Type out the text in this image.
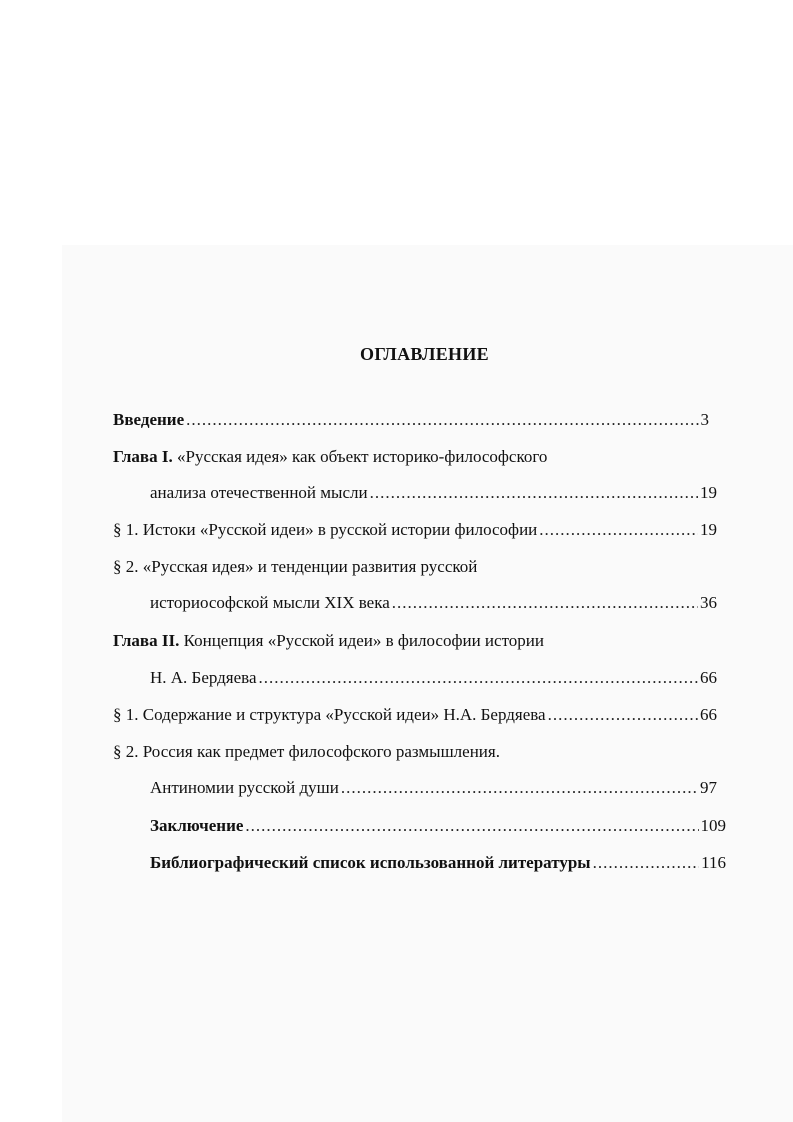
ОГЛАВЛЕНИЕ
Введение .....	3
Глава I. «Русская идея» как объект историко-философского
анализа отечественной мысли .....	19
§ 1. Истоки «Русской идеи» в русской истории философии .....	19
§ 2. «Русская идея» и тенденции развития русской
историософской мысли XIX века .....	36
Глава II. Концепция «Русской идеи» в философии истории
Н. А. Бердяева .....	66
§ 1. Содержание и структура «Русской идеи» Н.А. Бердяева .....	66
§ 2. Россия как предмет философского размышления.
Антиномии русской души .....	97
Заключение .....	109
Библиографический список использованной литературы .....	116
